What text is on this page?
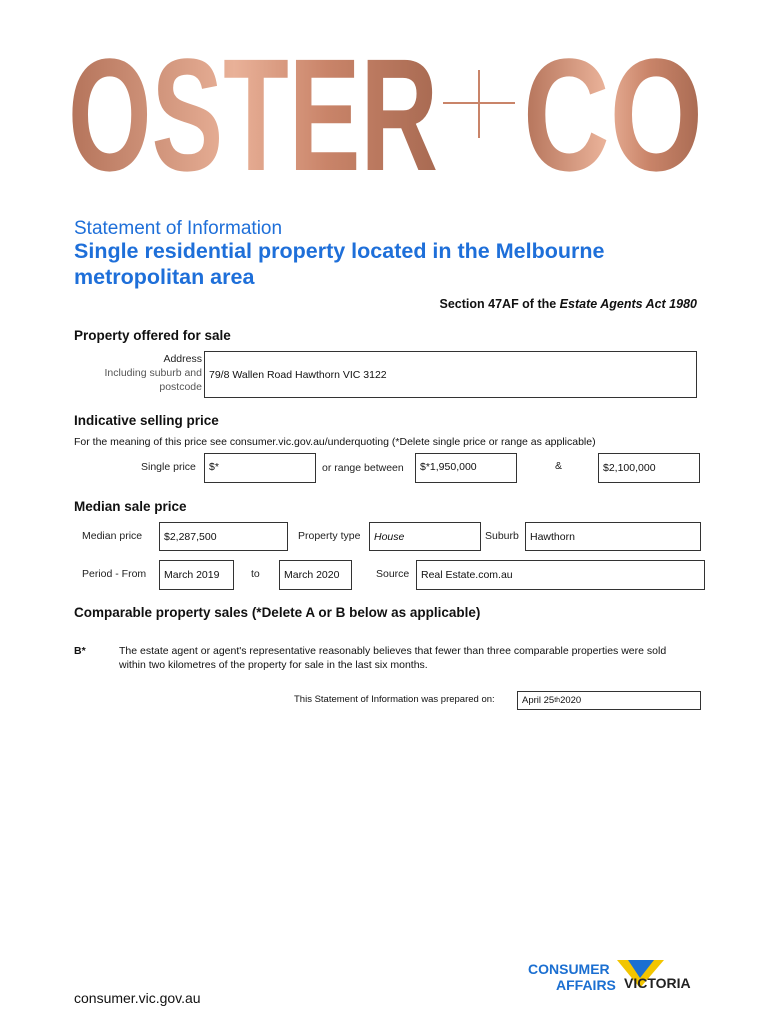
OSTER CO
Statement of Information
Single residential property located in the Melbourne metropolitan area
Section 47AF of the Estate Agents Act 1980
Property offered for sale
Address
Including suburb and
postcode
79/8 Wallen Road Hawthorn VIC 3122
Indicative selling price
For the meaning of this price see consumer.vic.gov.au/underquoting (*Delete single price or range as applicable)
Single price $*	or range between $*1,950,000	&	$2,100,000
Median sale price
Median price $2,287,500	Property type House	Suburb Hawthorn
Period - From March 2019	to March 2020	Source Real Estate.com.au
Comparable property sales (*Delete A or B below as applicable)
B*	The estate agent or agent's representative reasonably believes that fewer than three comparable properties were sold within two kilometres of the property for sale in the last six months.
This Statement of Information was prepared on:	April 25 th 2020
consumer.vic.gov.au
CONSUMER
AFFAIRS VICTORIA
